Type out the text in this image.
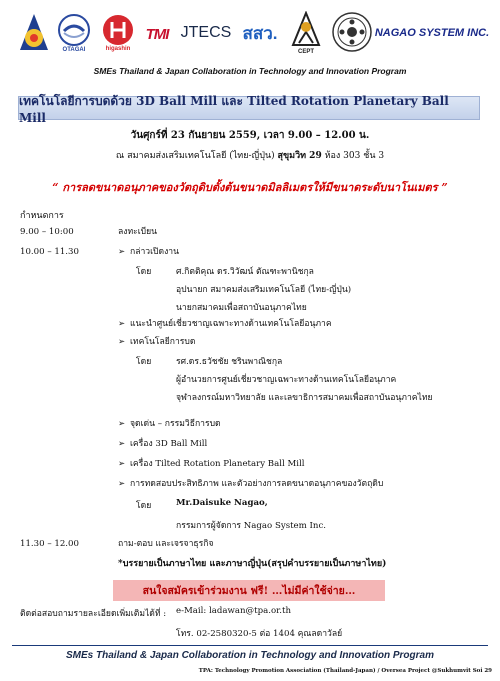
OTAGAI	higashin
TMI JTECS สสว.
CEPT
NAGAO SYSTEM INC.
SMEs Thailand & Japan Collaboration in Technology and Innovation Program
เทคโนโลยีการบดด้วย 3D Ball Mill และ Tilted Rotation Planetary Ball Mill
วันศุกร์ที่ 23 กันยายน 2559, เวลา 9.00 – 12.00 น.
ณ สมาคมส่งเสริมเทคโนโลยี (ไทย-ญี่ปุ่น) สุขุมวิท 29 ห้อง 303 ชั้น 3
“ การลดขนาดอนุภาคของวัตถุดิบตั้งต้นขนาดมิลลิเมตรให้มีขนาดระดับนาโนเมตร ”
กำหนดการ
9.00 – 10:00	ลงทะเบียน
10.00 – 11.30	➢ กล่าวเปิดงาน
โดย	ศ.กิตติคุณ ดร.วิวัฒน์ ตัณฑะพานิชกุล
อุปนายก สมาคมส่งเสริมเทคโนโลยี (ไทย-ญี่ปุ่น)
นายกสมาคมเพื่อสถาบันอนุภาคไทย
➢ แนะนำศูนย์เชี่ยวชาญเฉพาะทางด้านเทคโนโลยีอนุภาค
➢ เทคโนโลยีการบด
โดย	รศ.ดร.ธวัชชัย ชรินพาณิชกุล
ผู้อำนวยการศูนย์เชี่ยวชาญเฉพาะทางด้านเทคโนโลยีอนุภาค
จุฬาลงกรณ์มหาวิทยาลัย และเลขาธิการสมาคมเพื่อสถาบันอนุภาคไทย
➢ จุดเด่น – กรรมวิธีการบด
➢ เครื่อง 3D Ball Mill
➢ เครื่อง Tilted Rotation Planetary Ball Mill
➢ การทดสอบประสิทธิภาพ และตัวอย่างการลดขนาดอนุภาคของวัตถุดิบ
โดย	Mr.Daisuke Nagao,
กรรมการผู้จัดการ Nagao System Inc.
11.30 – 12.00	ถาม-ตอบ และเจรจาธุรกิจ
*บรรยายเป็นภาษาไทย และภาษาญี่ปุ่น(สรุปคำบรรยายเป็นภาษาไทย)
สนใจสมัครเข้าร่วมงาน ฟรี! …ไม่มีค่าใช้จ่าย…
ติดต่อสอบถามรายละเอียดเพิ่มเติมได้ที่ : e-Mail: ladawan@tpa.or.th
โทร. 02-2580320-5 ต่อ 1404 คุณลดาวัลย์
SMEs Thailand & Japan Collaboration in Technology and Innovation Program
TPA: Technology Promotion Association (Thailand-Japan) / Oversea Project @Sukhumvit Soi 29
